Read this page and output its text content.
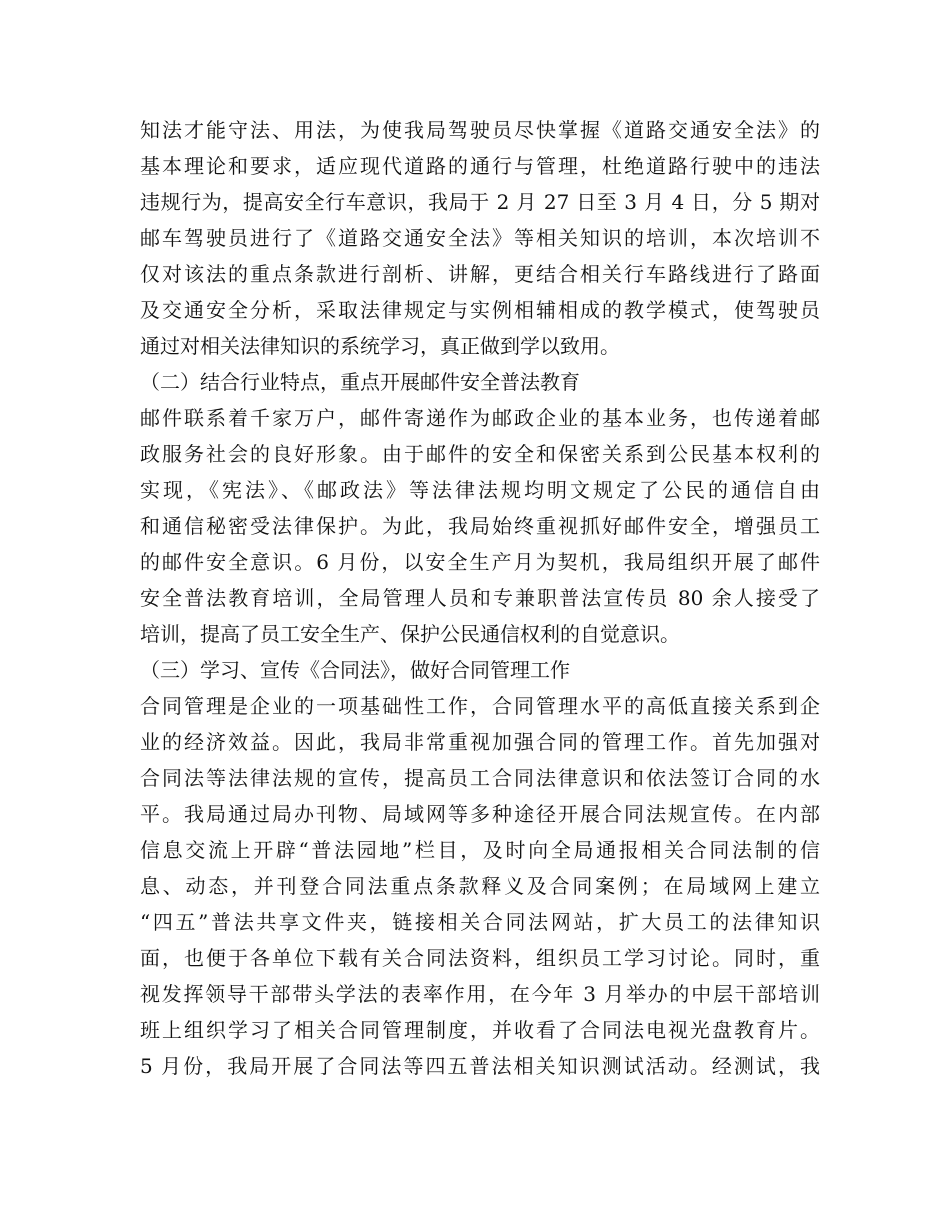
知法才能守法、用法，为使我局驾驶员尽快掌握《道路交通安全法》的
基本理论和要求，适应现代道路的通行与管理，杜绝道路行驶中的违法
违规行为，提高安全行车意识，我局于 2 月 27 日至 3 月 4 日，分 5 期对
邮车驾驶员进行了《道路交通安全法》等相关知识的培训，本次培训不
仅对该法的重点条款进行剖析、讲解，更结合相关行车路线进行了路面
及交通安全分析，采取法律规定与实例相辅相成的教学模式，使驾驶员
通过对相关法律知识的系统学习，真正做到学以致用。
（二）结合行业特点，重点开展邮件安全普法教育
邮件联系着千家万户，邮件寄递作为邮政企业的基本业务，也传递着邮
政服务社会的良好形象。由于邮件的安全和保密关系到公民基本权利的
实现，《宪法》、《邮政法》等法律法规均明文规定了公民的通信自由
和通信秘密受法律保护。为此，我局始终重视抓好邮件安全，增强员工
的邮件安全意识。6 月份，以安全生产月为契机，我局组织开展了邮件
安全普法教育培训，全局管理人员和专兼职普法宣传员 80 余人接受了
培训，提高了员工安全生产、保护公民通信权利的自觉意识。
（三）学习、宣传《合同法》，做好合同管理工作
合同管理是企业的一项基础性工作，合同管理水平的高低直接关系到企
业的经济效益。因此，我局非常重视加强合同的管理工作。首先加强对
合同法等法律法规的宣传，提高员工合同法律意识和依法签订合同的水
平。我局通过局办刊物、局域网等多种途径开展合同法规宣传。在内部
信息交流上开辟“普法园地”栏目，及时向全局通报相关合同法制的信
息、动态，并刊登合同法重点条款释义及合同案例；在局域网上建立
“四五”普法共享文件夹，链接相关合同法网站，扩大员工的法律知识
面，也便于各单位下载有关合同法资料，组织员工学习讨论。同时，重
视发挥领导干部带头学法的表率作用，在今年 3 月举办的中层干部培训
班上组织学习了相关合同管理制度，并收看了合同法电视光盘教育片。
5 月份，我局开展了合同法等四五普法相关知识测试活动。经测试，我
